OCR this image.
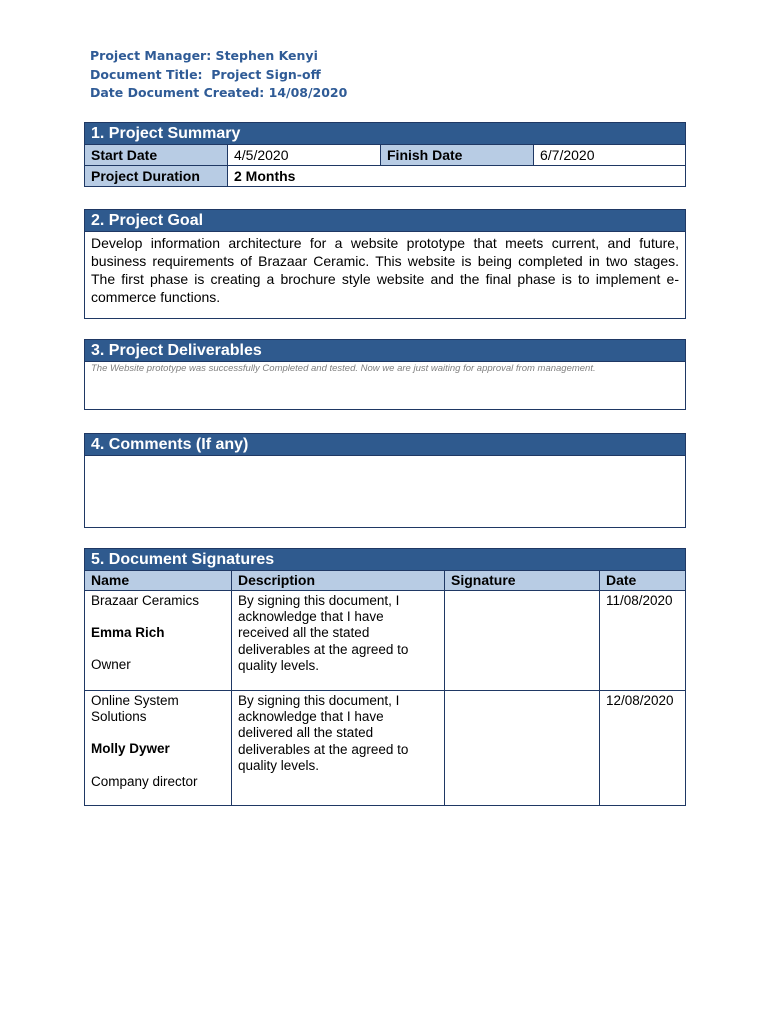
Project Manager: Stephen Kenyi
Document Title:  Project Sign-off
Date Document Created: 14/08/2020
1. Project Summary
Start Date	4/5/2020	Finish Date	6/7/2020
Project Duration	2 Months		
2. Project Goal
Develop information architecture for a website prototype that meets current, and future, business requirements of Brazaar Ceramic. This website is being completed in two stages. The first phase is creating a brochure style website and the final phase is to implement e-commerce functions.
3. Project Deliverables
The Website prototype was successfully Completed and tested. Now we are just waiting for approval from management.
4. Comments (If any)
5. Document Signatures
Name	Description	Signature	Date

Brazaar Ceramics
Emma Rich
Owner	By signing this document, I acknowledge that I have received all the stated deliverables at the agreed to quality levels.		11/08/2020

Online System Solutions
Molly Dywer
Company director	By signing this document, I acknowledge that I have delivered all the stated deliverables at the agreed to quality levels.		12/08/2020
